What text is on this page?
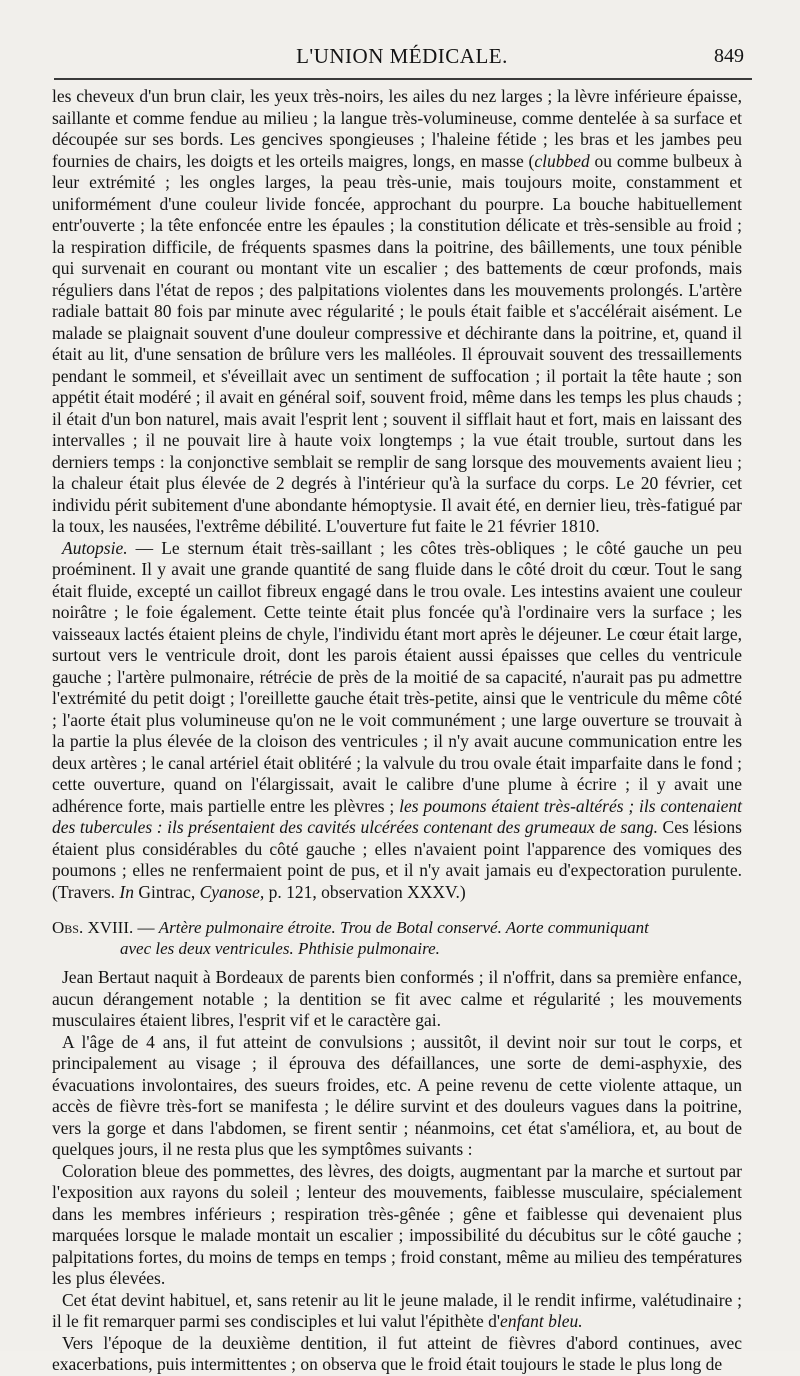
L'UNION MÉDICALE.	849

les cheveux d'un brun clair, les yeux très-noirs, les ailes du nez larges ; la lèvre inférieure épaisse, saillante et comme fendue au milieu ; la langue très-volumineuse, comme dentelée à sa surface et découpée sur ses bords. Les gencives spongieuses ; l'haleine fétide ; les bras et les jambes peu fournies de chairs, les doigts et les orteils maigres, longs, en masse (clubbed ou comme bulbeux à leur extrémité ; les ongles larges, la peau très-unie, mais toujours moite, constamment et uniformément d'une couleur livide foncée, approchant du pourpre. La bouche habituellement entr'ouverte ; la tête enfoncée entre les épaules ; la constitution délicate et très-sensible au froid ; la respiration difficile, de fréquents spasmes dans la poitrine, des bâillements, une toux pénible qui survenait en courant ou montant vite un escalier ; des battements de cœur profonds, mais réguliers dans l'état de repos ; des palpitations violentes dans les mouvements prolongés. L'artère radiale battait 80 fois par minute avec régularité ; le pouls était faible et s'accélérait aisément. Le malade se plaignait souvent d'une douleur compressive et déchirante dans la poitrine, et, quand il était au lit, d'une sensation de brûlure vers les malléoles. Il éprouvait souvent des tressaillements pendant le sommeil, et s'éveillait avec un sentiment de suffocation ; il portait la tête haute ; son appétit était modéré ; il avait en général soif, souvent froid, même dans les temps les plus chauds ; il était d'un bon naturel, mais avait l'esprit lent ; souvent il sifflait haut et fort, mais en laissant des intervalles ; il ne pouvait lire à haute voix longtemps ; la vue était trouble, surtout dans les derniers temps : la conjonctive semblait se remplir de sang lorsque des mouvements avaient lieu ; la chaleur était plus élevée de 2 degrés à l'intérieur qu'à la surface du corps. Le 20 février, cet individu périt subitement d'une abondante hémoptysie. Il avait été, en dernier lieu, très-fatigué par la toux, les nausées, l'extrême débilité. L'ouverture fut faite le 21 février 1810.

Autopsie. — Le sternum était très-saillant ; les côtes très-obliques ; le côté gauche un peu proéminent. Il y avait une grande quantité de sang fluide dans le côté droit du cœur. Tout le sang était fluide, excepté un caillot fibreux engagé dans le trou ovale. Les intestins avaient une couleur noirâtre ; le foie également. Cette teinte était plus foncée qu'à l'ordinaire vers la surface ; les vaisseaux lactés étaient pleins de chyle, l'individu étant mort après le déjeuner. Le cœur était large, surtout vers le ventricule droit, dont les parois étaient aussi épaisses que celles du ventricule gauche ; l'artère pulmonaire, rétrécie de près de la moitié de sa capacité, n'aurait pas pu admettre l'extrémité du petit doigt ; l'oreillette gauche était très-petite, ainsi que le ventricule du même côté ; l'aorte était plus volumineuse qu'on ne le voit communément ; une large ouverture se trouvait à la partie la plus élevée de la cloison des ventricules ; il n'y avait aucune communication entre les deux artères ; le canal artériel était oblitéré ; la valvule du trou ovale était imparfaite dans le fond ; cette ouverture, quand on l'élargissait, avait le calibre d'une plume à écrire ; il y avait une adhérence forte, mais partielle entre les plèvres ; les poumons étaient très-altérés ; ils contenaient des tubercules : ils présentaient des cavités ulcérées contenant des grumeaux de sang. Ces lésions étaient plus considérables du côté gauche ; elles n'avaient point l'apparence des vomiques des poumons ; elles ne renfermaient point de pus, et il n'y avait jamais eu d'expectoration purulente. (Travers. In Gintrac, Cyanose, p. 121, observation XXXV.)

Obs. XVIII. — Artère pulmonaire étroite. Trou de Botal conservé. Aorte communiquant
avec les deux ventricules. Phthisie pulmonaire.

Jean Bertaut naquit à Bordeaux de parents bien conformés ; il n'offrit, dans sa première enfance, aucun dérangement notable ; la dentition se fit avec calme et régularité ; les mouvements musculaires étaient libres, l'esprit vif et le caractère gai.

A l'âge de 4 ans, il fut atteint de convulsions ; aussitôt, il devint noir sur tout le corps, et principalement au visage ; il éprouva des défaillances, une sorte de demi-asphyxie, des évacuations involontaires, des sueurs froides, etc. A peine revenu de cette violente attaque, un accès de fièvre très-fort se manifesta ; le délire survint et des douleurs vagues dans la poitrine, vers la gorge et dans l'abdomen, se firent sentir ; néanmoins, cet état s'améliora, et, au bout de quelques jours, il ne resta plus que les symptômes suivants :

Coloration bleue des pommettes, des lèvres, des doigts, augmentant par la marche et surtout par l'exposition aux rayons du soleil ; lenteur des mouvements, faiblesse musculaire, spécialement dans les membres inférieurs ; respiration très-gênée ; gêne et faiblesse qui devenaient plus marquées lorsque le malade montait un escalier ; impossibilité du décubitus sur le côté gauche ; palpitations fortes, du moins de temps en temps ; froid constant, même au milieu des températures les plus élevées.

Cet état devint habituel, et, sans retenir au lit le jeune malade, il le rendit infirme, valétudinaire ; il le fit remarquer parmi ses condisciples et lui valut l'épithète d'enfant bleu.

Vers l'époque de la deuxième dentition, il fut atteint de fièvres d'abord continues, avec exacerbations, puis intermittentes ; on observa que le froid était toujours le stade le plus long de
